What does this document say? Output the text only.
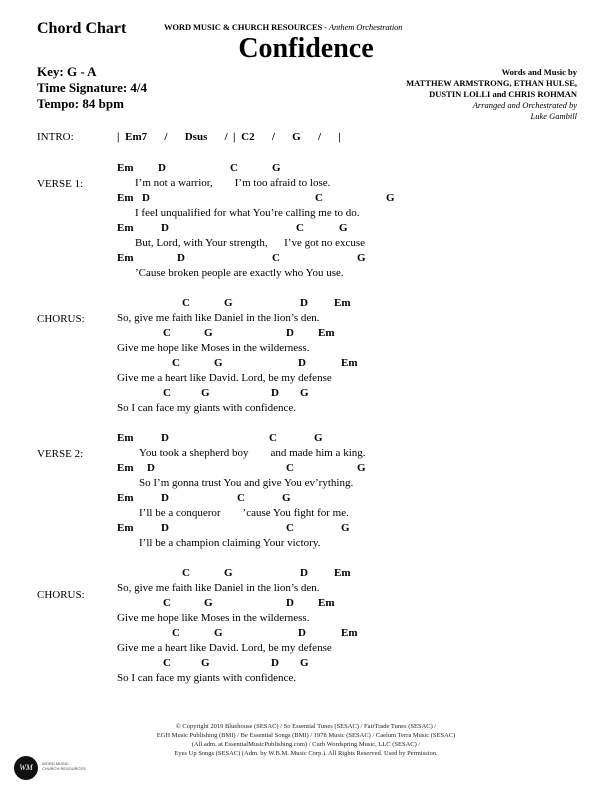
Chord Chart	WORD MUSIC & CHURCH RESOURCES - Anthem Orchestration
Confidence
Key: G - A
Time Signature: 4/4
Tempo: 84 bpm
Words and Music by
MATTHEW ARMSTRONG, ETHAN HULSE,
DUSTIN LOLLI and CHRIS ROHMAN
Arranged and Orchestrated by
Luke Gambill
INTRO:	| Em7   /   Dsus   / | C2   /   G   /   |
VERSE 1:
Em D	C	G
I’m not a warrior,        I’m too afraid to lose.
Em D	C	G
I feel unqualified for what You’re calling me to do.
Em	D	C	G
But, Lord, with Your strength,      I’ve got no excuse
Em	D	C	G
’Cause broken people are exactly who You use.
CHORUS:
C	G	D Em
So, give me faith like Daniel in the lion’s den.
C	G	D Em
Give me hope like Moses in the wilderness.
C	G	D	Em
Give me a heart like David. Lord, be my defense
C	G	D G
So I can face my giants with confidence.
VERSE 2:
Em	D	C	G
You took a shepherd boy        and made him a king.
Em D	C	G
So I’m gonna trust You and give You ev’rything.
Em	D	C	G
I’ll be a conqueror        ’cause You fight for me.
Em	D	C	G
I’ll be a champion claiming Your victory.
CHORUS:
C	G	D Em
So, give me faith like Daniel in the lion’s den.
C	G	D Em
Give me hope like Moses in the wilderness.
C	G	D	Em
Give me a heart like David. Lord, be my defense
C	G	D G
So I can face my giants with confidence.
© Copyright 2019 Bluehouse (SESAC) / So Essential Tunes (SESAC) / FairTrade Tunes (SESAC) /
EGH Music Publishing (BMI) / Be Essential Songs (BMI) / 1978 Music (SESAC) / Caelum Terra Music (SESAC)
(All adm. at EssentialMusicPublishing.com) / Curb Wordspring Music, LLC (SESAC) /
Eyes Up Songs (SESAC) (Adm. by W.B.M. Music Corp.). All Rights Reserved. Used by Permission.
WM	WORD MUSIC
CHURCH RESOURCES
